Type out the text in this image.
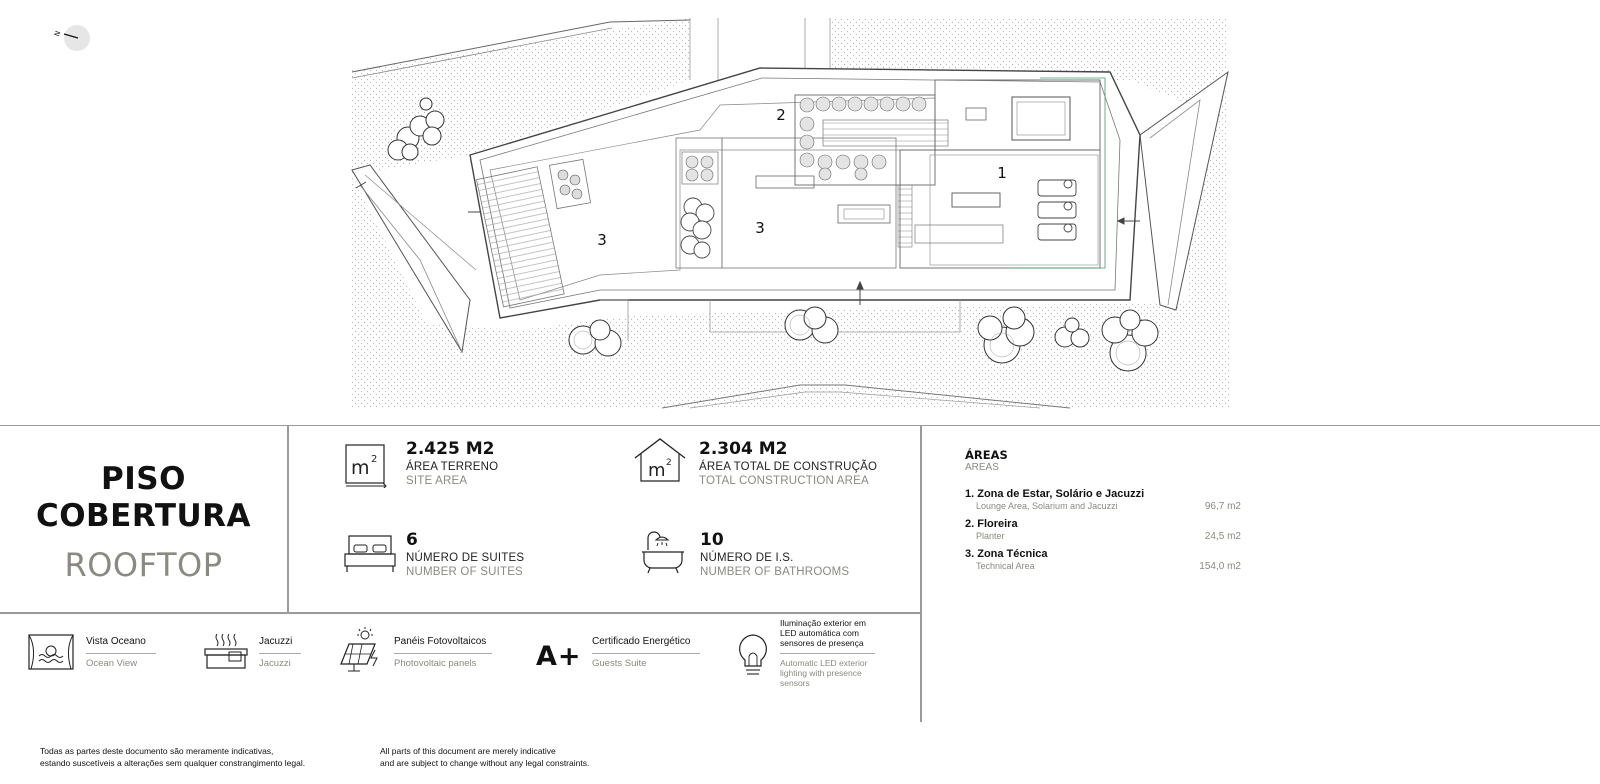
1
2
3
3
N
PISO
COBERTURA
ROOFTOP
m 2
2.425 M2
ÁREA TERRENO
SITE AREA	m 2
2.304 M2
ÁREA TOTAL DE CONSTRUÇÃO
TOTAL CONSTRUCTION AREA
6
NÚMERO DE SUITES
NUMBER OF SUITES
10
NÚMERO DE I.S.
NUMBER OF BATHROOMS
ÁREAS
AREAS
1. Zona de Estar, Solário e Jacuzzi
Lounge Area, Solarium and Jacuzzi	96,7 m2
2. Floreira
Planter	24,5 m2
3. Zona Técnica
Technical Area	154,0 m2
Vista Oceano
Ocean View
Jacuzzi
Jacuzzi
Panéis Fotovoltaicos
Photovoltaic panels
Certificado Energético
Guests Suite
Iluminação exterior em LED automática com sensores de presença
Automatic LED exterior lighting with presence sensors
A+
Todas as partes deste documento são meramente indicativas,
estando suscetíveis a alterações sem qualquer constrangimento legal.
All parts of this document are merely indicative
and are subject to change without any legal constraints.
